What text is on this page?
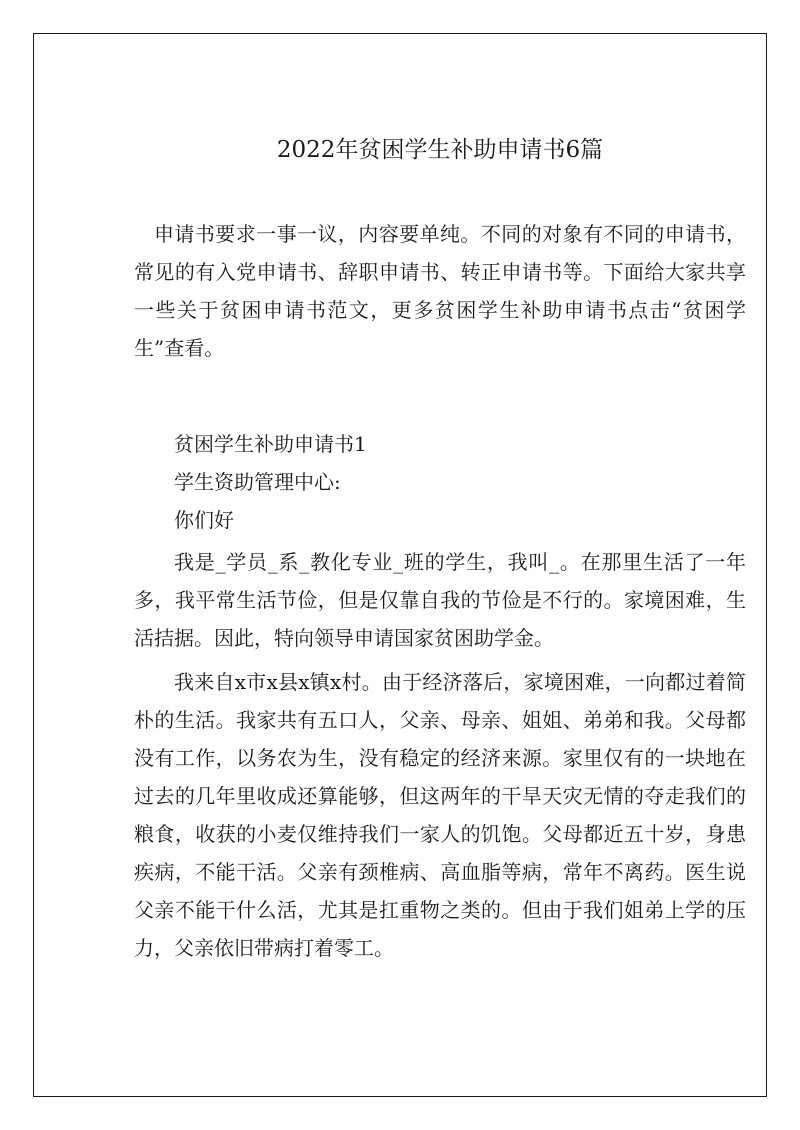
2022年贫困学生补助申请书6篇

申请书要求一事一议，内容要单纯。不同的对象有不同的申请书，常见的有入党申请书、辞职申请书、转正申请书等。下面给大家共享一些关于贫困申请书范文，更多贫困学生补助申请书点击“贫困学生”查看。

贫困学生补助申请书1

学生资助管理中心:

你们好

我是_学员_系_教化专业_班的学生，我叫_。在那里生活了一年多，我平常生活节俭，但是仅靠自我的节俭是不行的。家境困难，生活拮据。因此，特向领导申请国家贫困助学金。

我来自x市x县x镇x村。由于经济落后，家境困难，一向都过着简朴的生活。我家共有五口人，父亲、母亲、姐姐、弟弟和我。父母都没有工作，以务农为生，没有稳定的经济来源。家里仅有的一块地在过去的几年里收成还算能够，但这两年的干旱天灾无情的夺走我们的粮食，收获的小麦仅维持我们一家人的饥饱。父母都近五十岁，身患疾病，不能干活。父亲有颈椎病、高血脂等病，常年不离药。医生说父亲不能干什么活，尤其是扛重物之类的。但由于我们姐弟上学的压力，父亲依旧带病打着零工。
